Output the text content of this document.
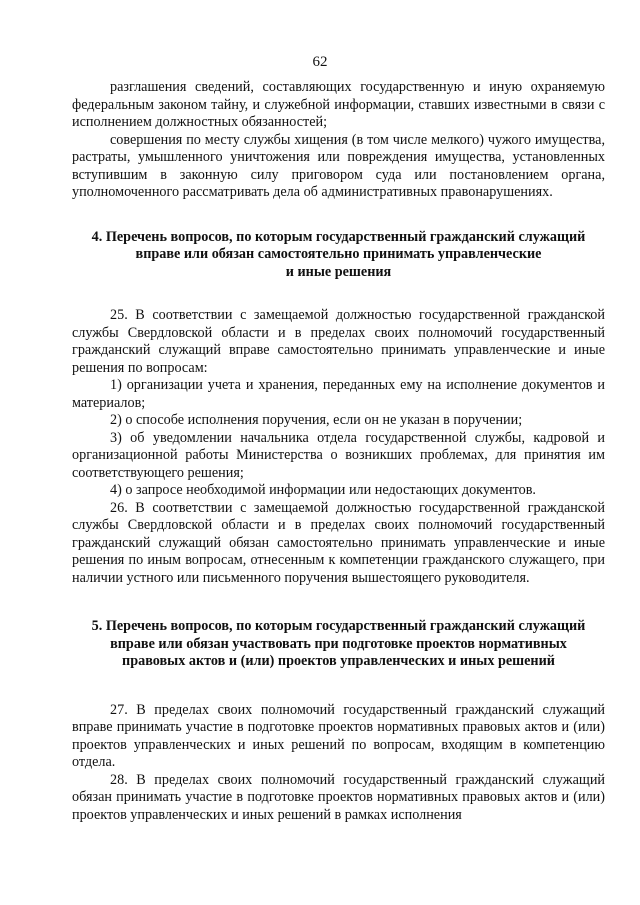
62

разглашения сведений, составляющих государственную и иную охраняемую федеральным законом тайну, и служебной информации, ставших известными в связи с исполнением должностных обязанностей;

совершения по месту службы хищения (в том числе мелкого) чужого имущества, растраты, умышленного уничтожения или повреждения имущества, установленных вступившим в законную силу приговором суда или постановлением органа, уполномоченного рассматривать дела об административных правонарушениях.

4. Перечень вопросов, по которым государственный гражданский служащий
вправе или обязан самостоятельно принимать управленческие
и иные решения

25. В соответствии с замещаемой должностью государственной гражданской службы Свердловской области и в пределах своих полномочий государственный гражданский служащий вправе самостоятельно принимать управленческие и иные решения по вопросам:

1) организации учета и хранения, переданных ему на исполнение документов и материалов;

2) о способе исполнения поручения, если он не указан в поручении;

3) об уведомлении начальника отдела государственной службы, кадровой и организационной работы Министерства о возникших проблемах, для принятия им соответствующего решения;

4) о запросе необходимой информации или недостающих документов.

26. В соответствии с замещаемой должностью государственной гражданской службы Свердловской области и в пределах своих полномочий государственный гражданский служащий обязан самостоятельно принимать управленческие и иные решения по иным вопросам, отнесенным к компетенции гражданского служащего, при наличии устного или письменного поручения вышестоящего руководителя.

5. Перечень вопросов, по которым государственный гражданский служащий
вправе или обязан участвовать при подготовке проектов нормативных
правовых актов и (или) проектов управленческих и иных решений

27. В пределах своих полномочий государственный гражданский служащий вправе принимать участие в подготовке проектов нормативных правовых актов и (или) проектов управленческих и иных решений по вопросам, входящим в компетенцию отдела.

28. В пределах своих полномочий государственный гражданский служащий обязан принимать участие в подготовке проектов нормативных правовых актов и (или) проектов управленческих и иных решений в рамках исполнения
